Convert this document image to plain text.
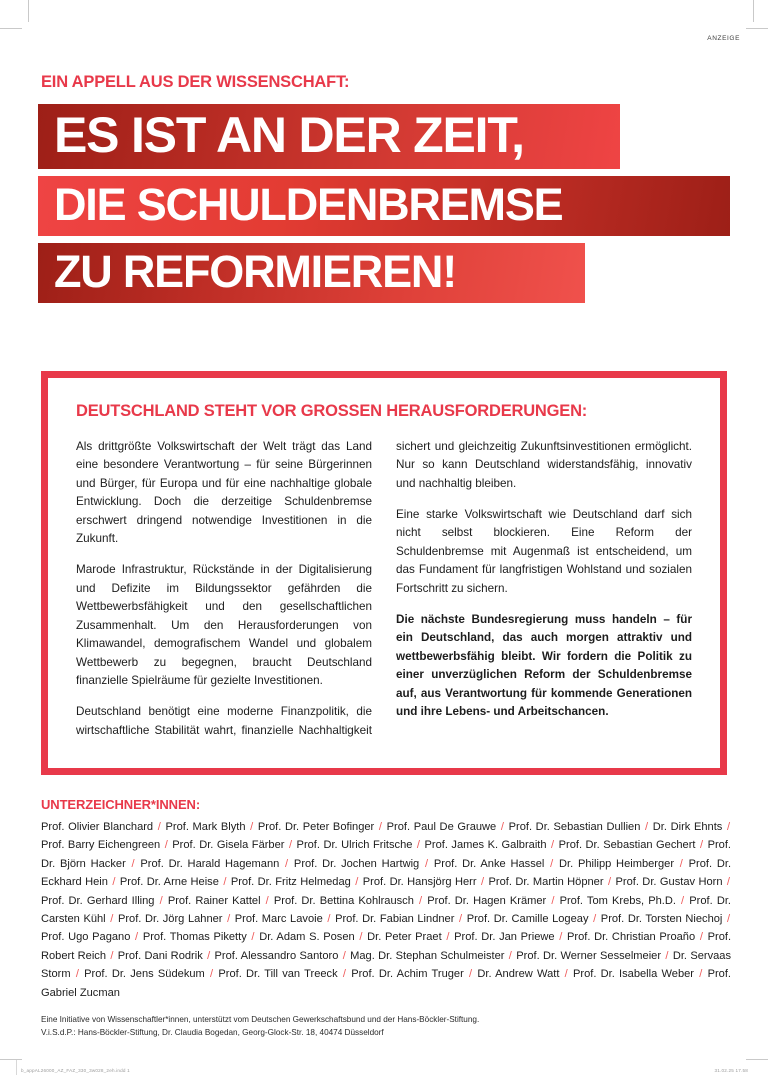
ANZEIGE
EIN APPELL AUS DER WISSENSCHAFT:
ES IST AN DER ZEIT,
DIE SCHULDENBREMSE
ZU REFORMIEREN!
DEUTSCHLAND STEHT VOR GROSSEN HERAUSFORDERUNGEN:

Als drittgrößte Volkswirtschaft der Welt trägt das Land eine besondere Verantwortung – für seine Bürgerinnen und Bürger, für Europa und für eine nachhaltige globale Entwicklung. Doch die derzeitige Schuldenbremse erschwert dringend notwendige Investitionen in die Zukunft.

Marode Infrastruktur, Rückstände in der Digitalisierung und Defizite im Bildungssektor gefährden die Wettbewerbsfähigkeit und den gesellschaftlichen Zusammenhalt. Um den Herausforderungen von Klimawandel, demografischem Wandel und globalem Wettbewerb zu begegnen, braucht Deutschland finanzielle Spielräume für gezielte Investitionen.

Deutschland benötigt eine moderne Finanzpolitik, die wirtschaftliche Stabilität wahrt, finanzielle Nachhaltigkeit sichert und gleichzeitig Zukunftsinvestitionen ermöglicht. Nur so kann Deutschland widerstandsfähig, innovativ und nachhaltig bleiben.

Eine starke Volkswirtschaft wie Deutschland darf sich nicht selbst blockieren. Eine Reform der Schuldenbremse mit Augenmaß ist entscheidend, um das Fundament für langfristigen Wohlstand und sozialen Fortschritt zu sichern.

Die nächste Bundesregierung muss handeln – für ein Deutschland, das auch morgen attraktiv und wettbewerbsfähig bleibt. Wir fordern die Politik zu einer unverzüglichen Reform der Schuldenbremse auf, aus Verantwortung für kommende Generationen und ihre Lebens- und Arbeitschancen.

UNTERZEICHNER*INNEN:
Prof. Olivier Blanchard / Prof. Mark Blyth / Prof. Dr. Peter Bofinger / Prof. Paul De Grauwe / Prof. Dr. Sebastian Dullien / Dr. Dirk Ehnts / Prof. Barry Eichengreen / Prof. Dr. Gisela Färber / Prof. Dr. Ulrich Fritsche / Prof. James K. Galbraith / Prof. Dr. Sebastian Gechert / Prof. Dr. Björn Hacker / Prof. Dr. Harald Hagemann / Prof. Dr. Jochen Hartwig / Prof. Dr. Anke Hassel / Dr. Philipp Heimberger / Prof. Dr. Eckhard Hein / Prof. Dr. Arne Heise / Prof. Dr. Fritz Helmedag / Prof. Dr. Hansjörg Herr / Prof. Dr. Martin Höpner / Prof. Dr. Gustav Horn / Prof. Dr. Gerhard Illing / Prof. Rainer Kattel / Prof. Dr. Bettina Kohlrausch / Prof. Dr. Hagen Krämer / Prof. Tom Krebs, Ph.D. / Prof. Dr. Carsten Kühl / Prof. Dr. Jörg Lahner / Prof. Marc Lavoie / Prof. Dr. Fabian Lindner / Prof. Dr. Camille Logeay / Prof. Dr. Torsten Niechoj / Prof. Ugo Pagano / Prof. Thomas Piketty / Dr. Adam S. Posen / Dr. Peter Praet / Prof. Dr. Jan Priewe / Prof. Dr. Christian Proaño / Prof. Robert Reich / Prof. Dani Rodrik / Prof. Alessandro Santoro / Mag. Dr. Stephan Schulmeister / Prof. Dr. Werner Sesselmeier / Dr. Servaas Storm / Prof. Dr. Jens Südekum / Prof. Dr. Till van Treeck / Prof. Dr. Achim Truger / Dr. Andrew Watt / Prof. Dr. Isabella Weber / Prof. Gabriel Zucman
Eine Initiative von Wissenschaftler*innen, unterstützt vom Deutschen Gewerkschaftsbund und der Hans-Böckler-Stiftung.
V.i.S.d.P.: Hans-Böckler-Stiftung, Dr. Claudia Bogedan, Georg-Glock-Str. 18, 40474 Düsseldorf
b_appAL26000_AZ_FAZ_330_3w028_2eh.indd 1	31.02.25 17.58
